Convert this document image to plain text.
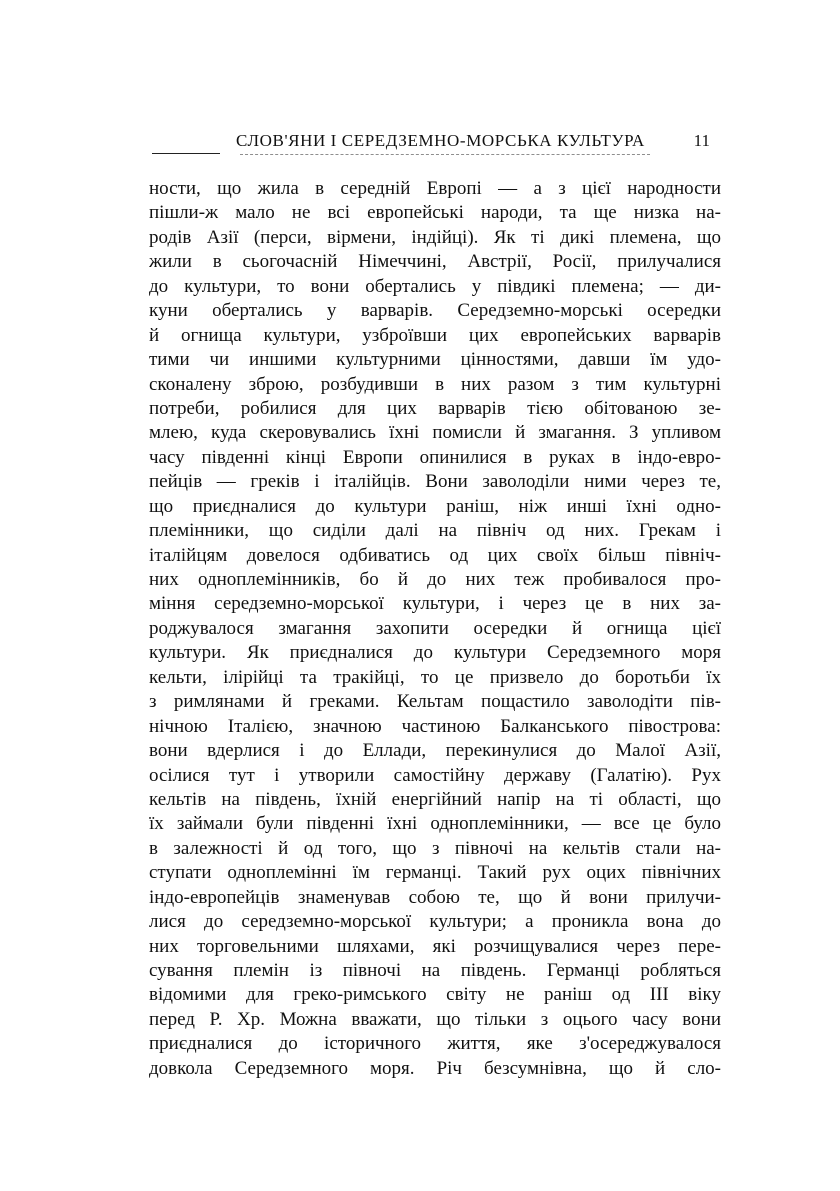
СЛОВ'ЯНИ І СЕРЕДЗЕМНО-МОРСЬКА КУЛЬТУРА	11
ности, що жила в середній Европі — а з цієї народности
пішли-ж мало не всі европейські народи, та ще низка на-
родів Азії (перси, вірмени, індійці). Як ті дикі племена, що
жили в сьогочасній Німеччині, Австрії, Росії, прилучалися
до культури, то вони обертались у півдикі племена; — ди-
куни обертались у варварів. Середземно-морські осередки
й огнища культури, узброївши цих европейських варварів
тими чи иншими культурними цінностями, давши їм удо-
сконалену зброю, розбудивши в них разом з тим культурні
потреби, робилися для цих варварів тією обітованою зе-
млею, куда скеровувались їхні помисли й змагання. З упливом
часу південні кінці Европи опинилися в руках в індо-евро-
пейців — греків і італійців. Вони заволоділи ними через те,
що приєдналися до культури раніш, ніж инші їхні одно-
племінники, що сиділи далі на північ од них. Грекам і
італійцям довелося одбиватись од цих своїх більш північ-
них одноплемінників, бо й до них теж пробивалося про-
міння середземно-морської культури, і через це в них за-
роджувалося змагання захопити осередки й огнища цієї
культури. Як приєдналися до культури Середземного моря
кельти, ілірійці та тракійці, то це призвело до боротьби їх
з римлянами й греками. Кельтам пощастило заволодіти пів-
нічною Італією, значною частиною Балканського півострова:
вони вдерлися і до Еллади, перекинулися до Малої Азії,
осілися тут і утворили самостійну державу (Галатію). Рух
кельтів на південь, їхній енергійний напір на ті області, що
їх займали були південні їхні одноплемінники, — все це було
в залежності й од того, що з півночі на кельтів стали на-
ступати одноплемінні їм германці. Такий рух оцих північних
індо-европейців знаменував собою те, що й вони прилучи-
лися до середземно-морської культури; а проникла вона до
них торговельними шляхами, які розчищувалися через пере-
сування племін із півночі на південь. Германці робляться
відомими для греко-римського світу не раніш од III віку
перед Р. Хр. Можна вважати, що тільки з оцього часу вони
приєдналися до історичного життя, яке з'осереджувалося
довкола Середземного моря. Річ безсумнівна, що й сло-
